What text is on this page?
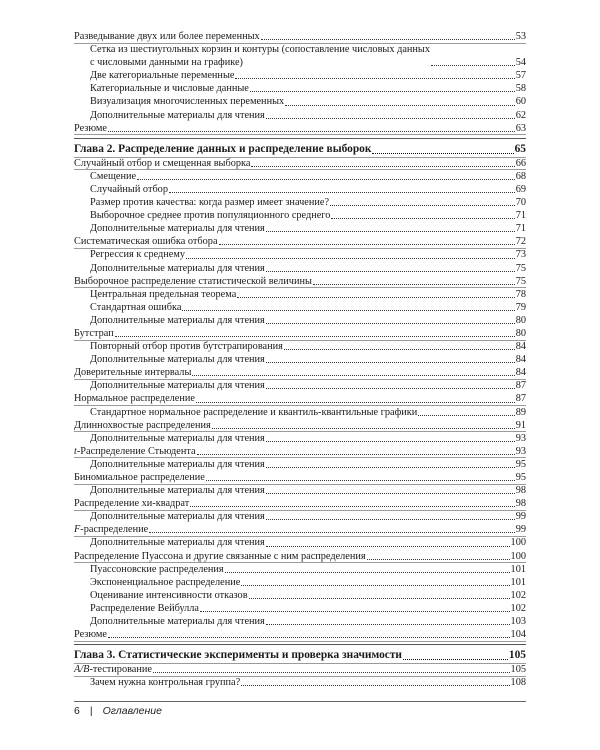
Разведывание двух или более переменных	53
Сетка из шестиугольных корзин и контуры (сопоставление числовых данных
с числовыми данными на графике)	54
Две категориальные переменные	57
Категориальные и числовые данные	58
Визуализация многочисленных переменных	60
Дополнительные материалы для чтения	62
Резюме	63
Глава 2. Распределение данных и распределение выборок	65
Случайный отбор и смещенная выборка	66
Смещение	68
Случайный отбор	69
Размер против качества: когда размер имеет значение?	70
Выборочное среднее против популяционного среднего	71
Дополнительные материалы для чтения	71
Систематическая ошибка отбора	72
Регрессия к среднему	73
Дополнительные материалы для чтения	75
Выборочное распределение статистической величины	75
Центральная предельная теорема	78
Стандартная ошибка	79
Дополнительные материалы для чтения	80
Бутстрап	80
Повторный отбор против бутстрапирования	84
Дополнительные материалы для чтения	84
Доверительные интервалы	84
Дополнительные материалы для чтения	87
Нормальное распределение	87
Стандартное нормальное распределение и квантиль-квантильные графики	89
Длиннохвостые распределения	91
Дополнительные материалы для чтения	93
t-Распределение Стьюдента	93
Дополнительные материалы для чтения	95
Биномиальное распределение	95
Дополнительные материалы для чтения	98
Распределение хи-квадрат	98
Дополнительные материалы для чтения	99
F-распределение	99
Дополнительные материалы для чтения	100
Распределение Пуассона и другие связанные с ним распределения	100
Пуассоновские распределения	101
Экспоненциальное распределение	101
Оценивание интенсивности отказов	102
Распределение Вейбулла	102
Дополнительные материалы для чтения	103
Резюме	104
Глава 3. Статистические эксперименты и проверка значимости	105
A/B-тестирование	105
Зачем нужна контрольная группа?	108
6 | Оглавление
